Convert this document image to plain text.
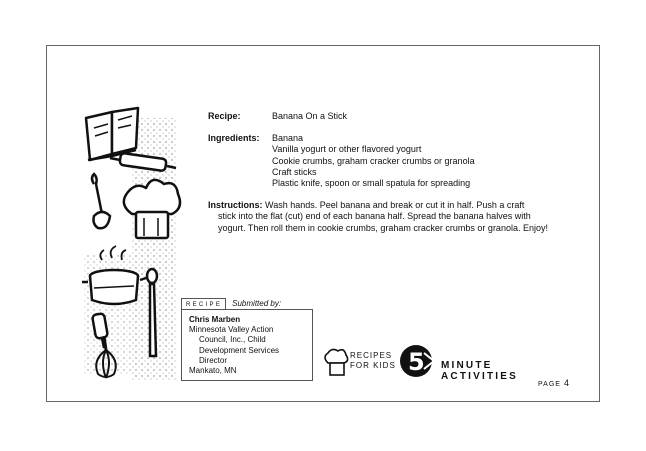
Recipe:	Banana On a Stick
Ingredients:	Banana
Vanilla yogurt or other flavored yogurt
Cookie crumbs, graham cracker crumbs or granola
Craft sticks
Plastic knife, spoon or small spatula for spreading
Instructions: Wash hands. Peel banana and break or cut it in half. Push a craft
stick into the flat (cut) end of each banana half. Spread the banana halves with yogurt. Then roll them in cookie crumbs, graham cracker crumbs or granola. Enjoy!
RECIPE	Submitted by:
Chris Marben
Minnesota Valley Action
Council, Inc., Child
Development Services
Director
Mankato, MN
RECIPES
FOR KIDS 5 MINUTE ACTIVITIES
PAGE 4
